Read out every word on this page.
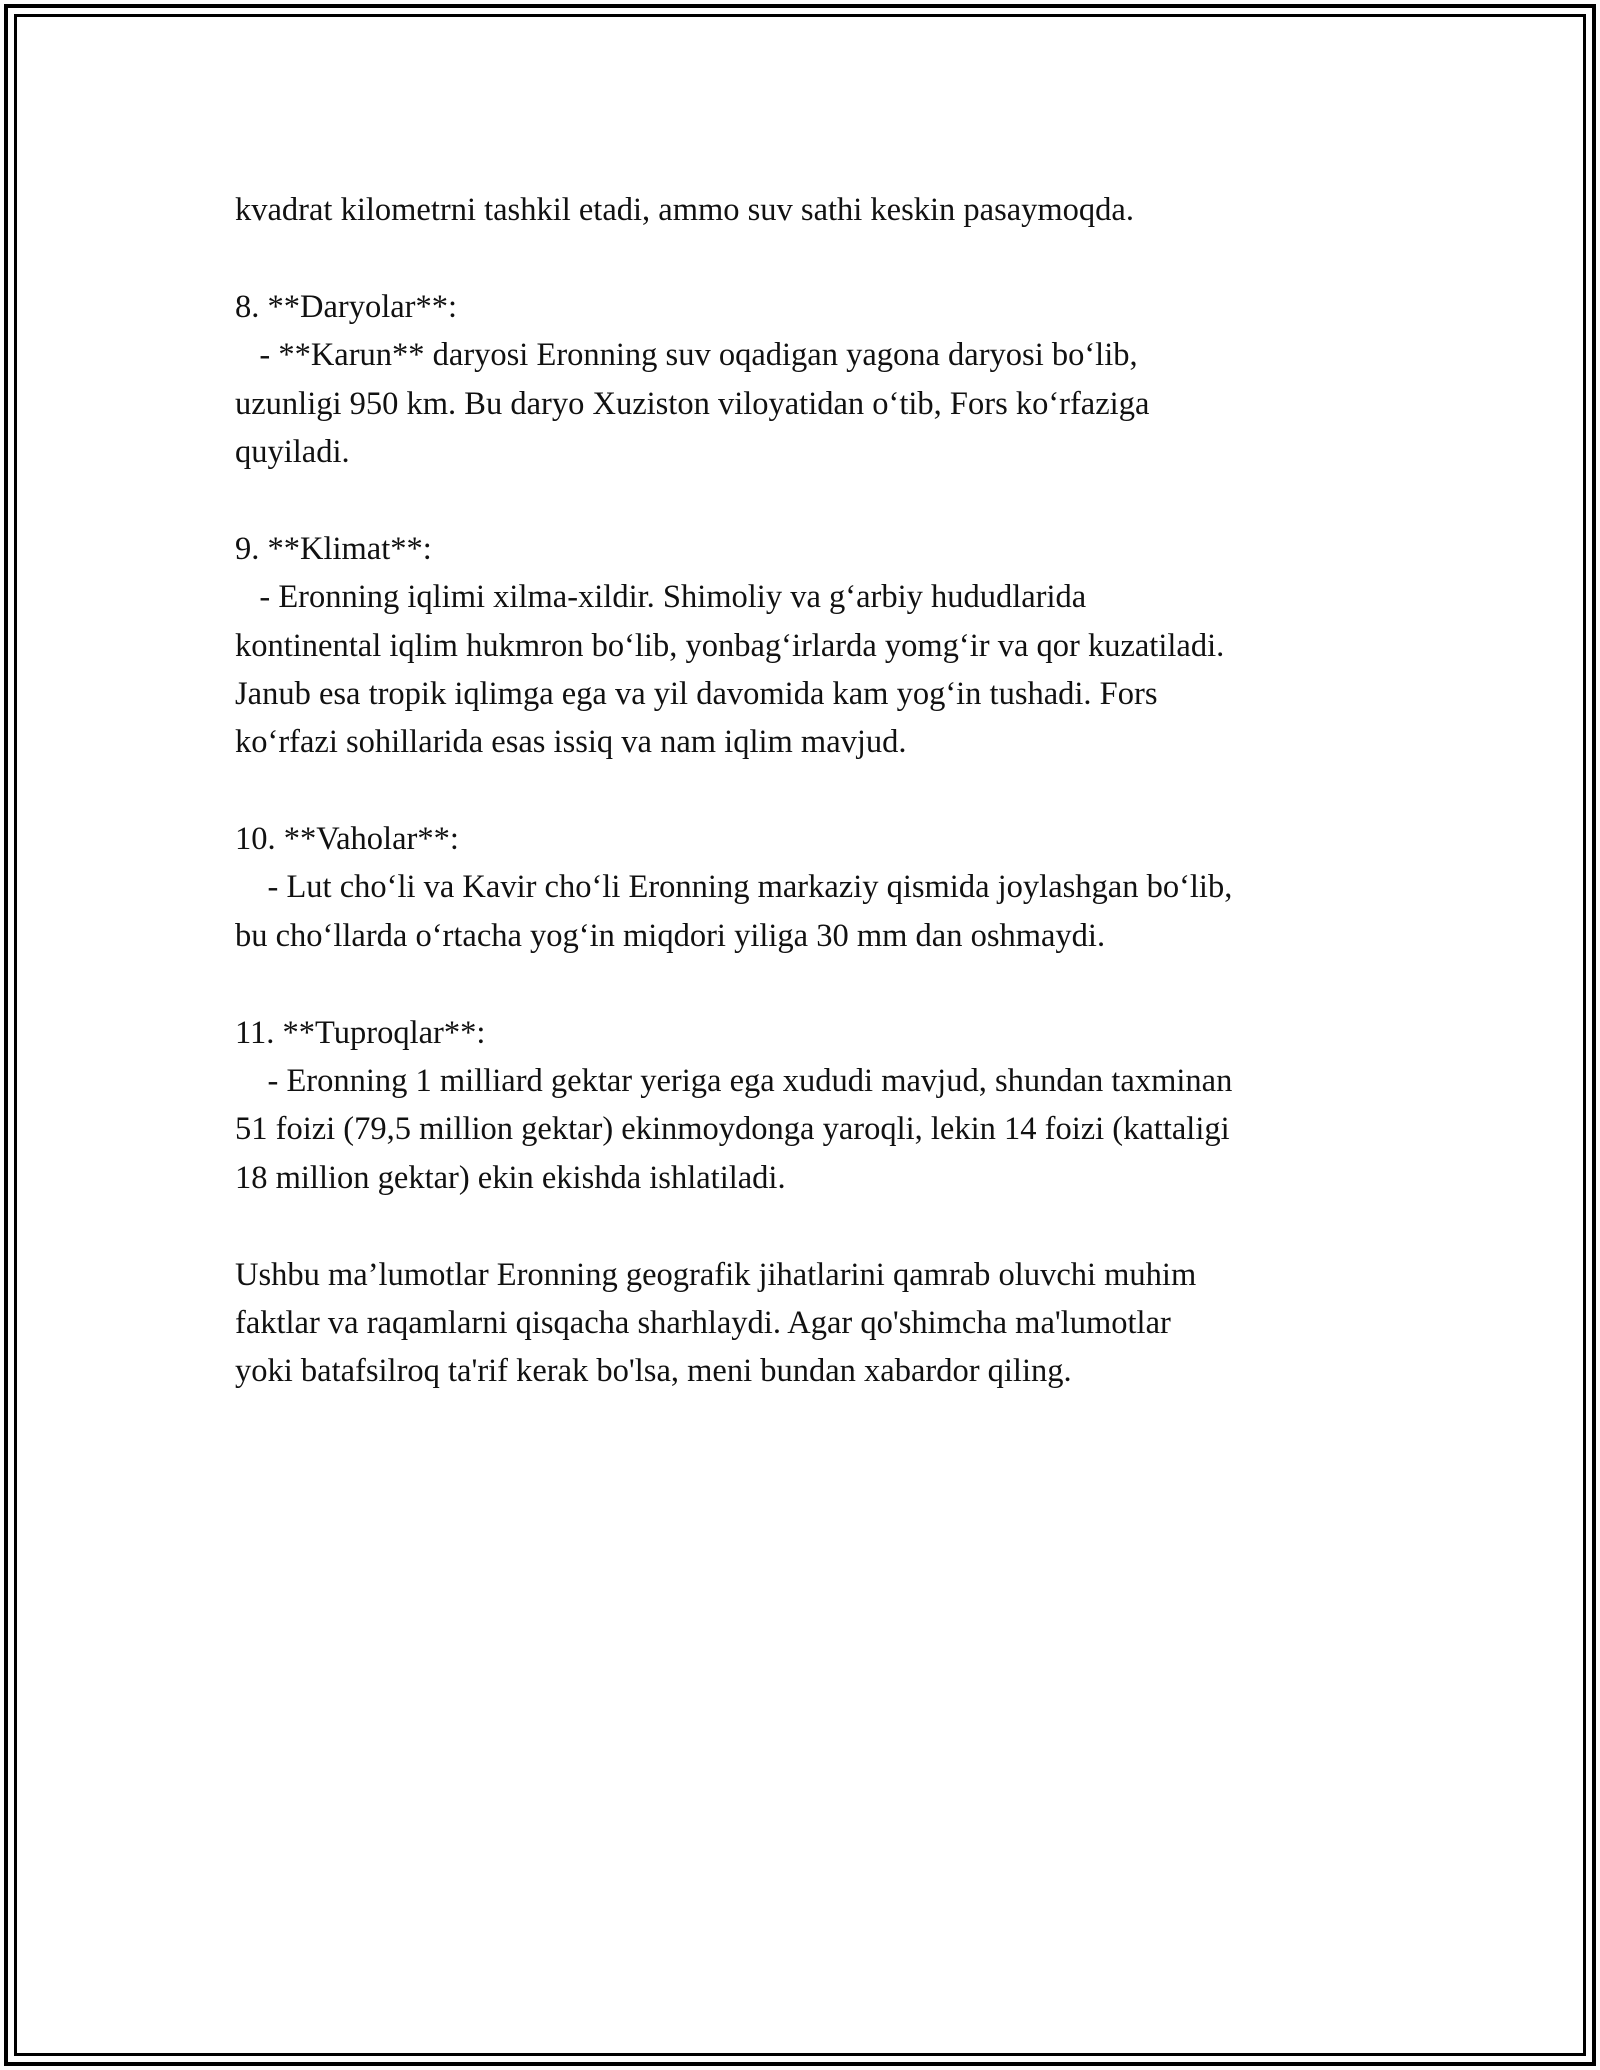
kvadrat kilometrni tashkil etadi, ammo suv sathi keskin pasaymoqda.
8. **Daryolar**:
- **Karun** daryosi Eronning suv oqadigan yagona daryosi bo‘lib,
uzunligi 950 km. Bu daryo Xuziston viloyatidan o‘tib, Fors ko‘rfaziga
quyiladi.
9. **Klimat**:
- Eronning iqlimi xilma-xildir. Shimoliy va g‘arbiy hududlarida
kontinental iqlim hukmron bo‘lib, yonbag‘irlarda yomg‘ir va qor kuzatiladi.
Janub esa tropik iqlimga ega va yil davomida kam yog‘in tushadi. Fors
ko‘rfazi sohillarida esas issiq va nam iqlim mavjud.
10. **Vaholar**:
- Lut cho‘li va Kavir cho‘li Eronning markaziy qismida joylashgan bo‘lib,
bu cho‘llarda o‘rtacha yog‘in miqdori yiliga 30 mm dan oshmaydi.
11. **Tuproqlar**:
- Eronning 1 milliard gektar yeriga ega xududi mavjud, shundan taxminan
51 foizi (79,5 million gektar) ekinmoydonga yaroqli, lekin 14 foizi (kattaligi
18 million gektar) ekin ekishda ishlatiladi.
Ushbu ma’lumotlar Eronning geografik jihatlarini qamrab oluvchi muhim
faktlar va raqamlarni qisqacha sharhlaydi. Agar qo'shimcha ma'lumotlar
yoki batafsilroq ta'rif kerak bo'lsa, meni bundan xabardor qiling.
